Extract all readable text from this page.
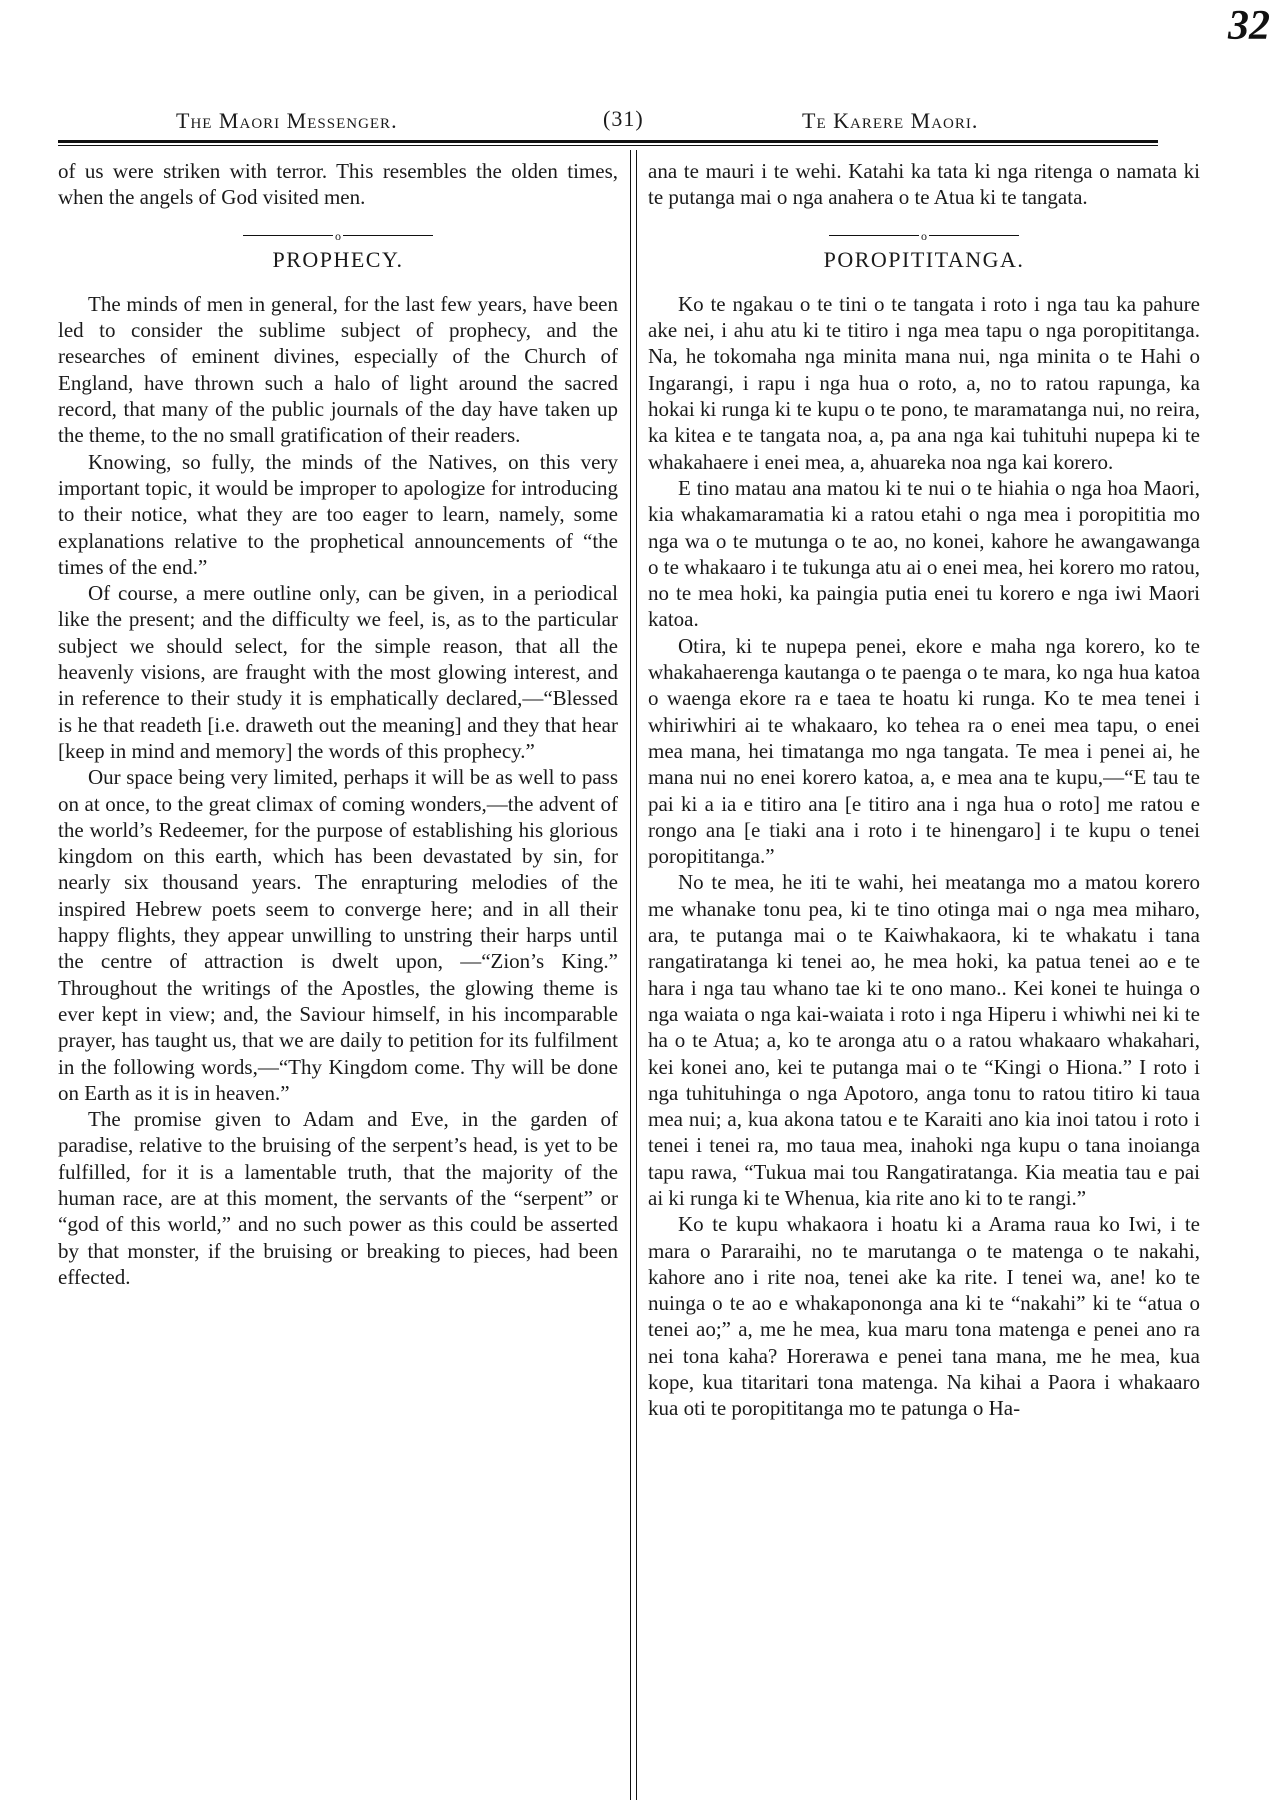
32
The Maori Messenger.	(31)	Te Karere Maori.

of us were striken with terror. This resembles the olden times, when the angels of God visited men.

o
PROPHECY.

The minds of men in general, for the last few years, have been led to consider the sublime subject of prophecy, and the researches of eminent divines, especially of the Church of England, have thrown such a halo of light around the sacred record, that many of the public journals of the day have taken up the theme, to the no small gratification of their readers.

Knowing, so fully, the minds of the Natives, on this very important topic, it would be improper to apologize for introducing to their notice, what they are too eager to learn, namely, some explanations relative to the prophetical announcements of “the times of the end.”

Of course, a mere outline only, can be given, in a periodical like the present; and the difficulty we feel, is, as to the particular subject we should select, for the simple reason, that all the heavenly visions, are fraught with the most glowing interest, and in reference to their study it is emphatically declared,—“Blessed is he that readeth [i.e. draweth out the meaning] and they that hear [keep in mind and memory] the words of this prophecy.”

Our space being very limited, perhaps it will be as well to pass on at once, to the great climax of coming wonders,—the advent of the world’s Redeemer, for the purpose of establishing his glorious kingdom on this earth, which has been devastated by sin, for nearly six thousand years. The enrapturing melodies of the inspired Hebrew poets seem to converge here; and in all their happy flights, they appear unwilling to unstring their harps until the centre of attraction is dwelt upon, —“Zion’s King.” Throughout the writings of the Apostles, the glowing theme is ever kept in view; and, the Saviour himself, in his incomparable prayer, has taught us, that we are daily to petition for its fulfilment in the following words,—“Thy Kingdom come. Thy will be done on Earth as it is in heaven.”

The promise given to Adam and Eve, in the garden of paradise, relative to the bruising of the serpent’s head, is yet to be fulfilled, for it is a lamentable truth, that the majority of the human race, are at this moment, the servants of the “serpent” or “god of this world,” and no such power as this could be asserted by that monster, if the bruising or breaking to pieces, had been effected.

ana te mauri i te wehi. Katahi ka tata ki nga ritenga o namata ki te putanga mai o nga anahera o te Atua ki te tangata.

o
POROPITITANGA.

Ko te ngakau o te tini o te tangata i roto i nga tau ka pahure ake nei, i ahu atu ki te titiro i nga mea tapu o nga poropititanga. Na, he tokomaha nga minita mana nui, nga minita o te Hahi o Ingarangi, i rapu i nga hua o roto, a, no to ratou rapunga, ka hokai ki runga ki te kupu o te pono, te maramatanga nui, no reira, ka kitea e te tangata noa, a, pa ana nga kai tuhituhi nupepa ki te whakahaere i enei mea, a, ahuareka noa nga kai korero.

E tino matau ana matou ki te nui o te hiahia o nga hoa Maori, kia whakamaramatia ki a ratou etahi o nga mea i poropititia mo nga wa o te mutunga o te ao, no konei, kahore he awangawanga o te whakaaro i te tukunga atu ai o enei mea, hei korero mo ratou, no te mea hoki, ka paingia putia enei tu korero e nga iwi Maori katoa.

Otira, ki te nupepa penei, ekore e maha nga korero, ko te whakahaerenga kautanga o te paenga o te mara, ko nga hua katoa o waenga ekore ra e taea te hoatu ki runga. Ko te mea tenei i whiriwhiri ai te whakaaro, ko tehea ra o enei mea tapu, o enei mea mana, hei timatanga mo nga tangata. Te mea i penei ai, he mana nui no enei korero katoa, a, e mea ana te kupu,—“E tau te pai ki a ia e titiro ana [e titiro ana i nga hua o roto] me ratou e rongo ana [e tiaki ana i roto i te hinengaro] i te kupu o tenei poropititanga.”

No te mea, he iti te wahi, hei meatanga mo a matou korero me whanake tonu pea, ki te tino otinga mai o nga mea miharo, ara, te putanga mai o te Kaiwhakaora, ki te whakatu i tana rangatiratanga ki tenei ao, he mea hoki, ka patua tenei ao e te hara i nga tau whano tae ki te ono mano.. Kei konei te huinga o nga waiata o nga kai-waiata i roto i nga Hiperu i whiwhi nei ki te ha o te Atua; a, ko te aronga atu o a ratou whakaaro whakahari, kei konei ano, kei te putanga mai o te “Kingi o Hiona.” I roto i nga tuhituhinga o nga Apotoro, anga tonu to ratou titiro ki taua mea nui; a, kua akona tatou e te Karaiti ano kia inoi tatou i roto i tenei i tenei ra, mo taua mea, inahoki nga kupu o tana inoianga tapu rawa, “Tukua mai tou Rangatiratanga. Kia meatia tau e pai ai ki runga ki te Whenua, kia rite ano ki to te rangi.”

Ko te kupu whakaora i hoatu ki a Arama raua ko Iwi, i te mara o Pararaihi, no te marutanga o te matenga o te nakahi, kahore ano i rite noa, tenei ake ka rite. I tenei wa, ane! ko te nuinga o te ao e whakapononga ana ki te “nakahi” ki te “atua o tenei ao;” a, me he mea, kua maru tona matenga e penei ano ra nei tona kaha? Horerawa e penei tana mana, me he mea, kua kope, kua titaritari tona matenga. Na kihai a Paora i whakaaro kua oti te poropititanga mo te patunga o Ha-
